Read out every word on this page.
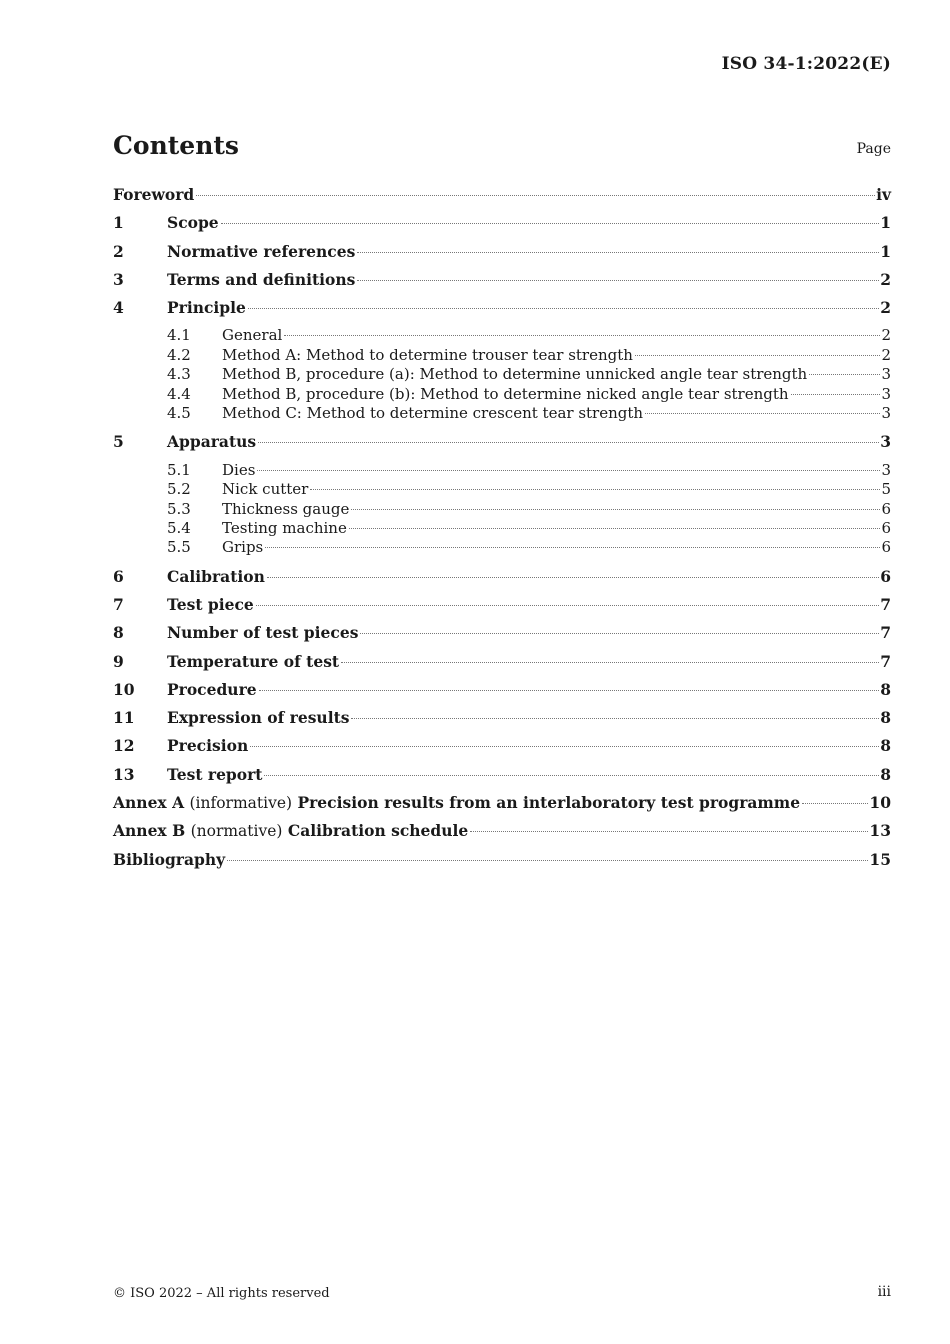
ISO 34-1:2022(E)
Contents	Page
Foreword	iv
1	Scope	1
2	Normative references	1
3	Terms and definitions	2
4	Principle	2
4.1	General	2
4.2	Method A: Method to determine trouser tear strength	2
4.3	Method B, procedure (a): Method to determine unnicked angle tear strength	3
4.4	Method B, procedure (b): Method to determine nicked angle tear strength	3
4.5	Method C: Method to determine crescent tear strength	3
5	Apparatus	3
5.1	Dies	3
5.2	Nick cutter	5
5.3	Thickness gauge	6
5.4	Testing machine	6
5.5	Grips	6
6	Calibration	6
7	Test piece	7
8	Number of test pieces	7
9	Temperature of test	7
10	Procedure	8
11	Expression of results	8
12	Precision	8
13	Test report	8
Annex A (informative) Precision results from an interlaboratory test programme	10
Annex B (normative) Calibration schedule	13
Bibliography	15
© ISO 2022 – All rights reserved	iii
